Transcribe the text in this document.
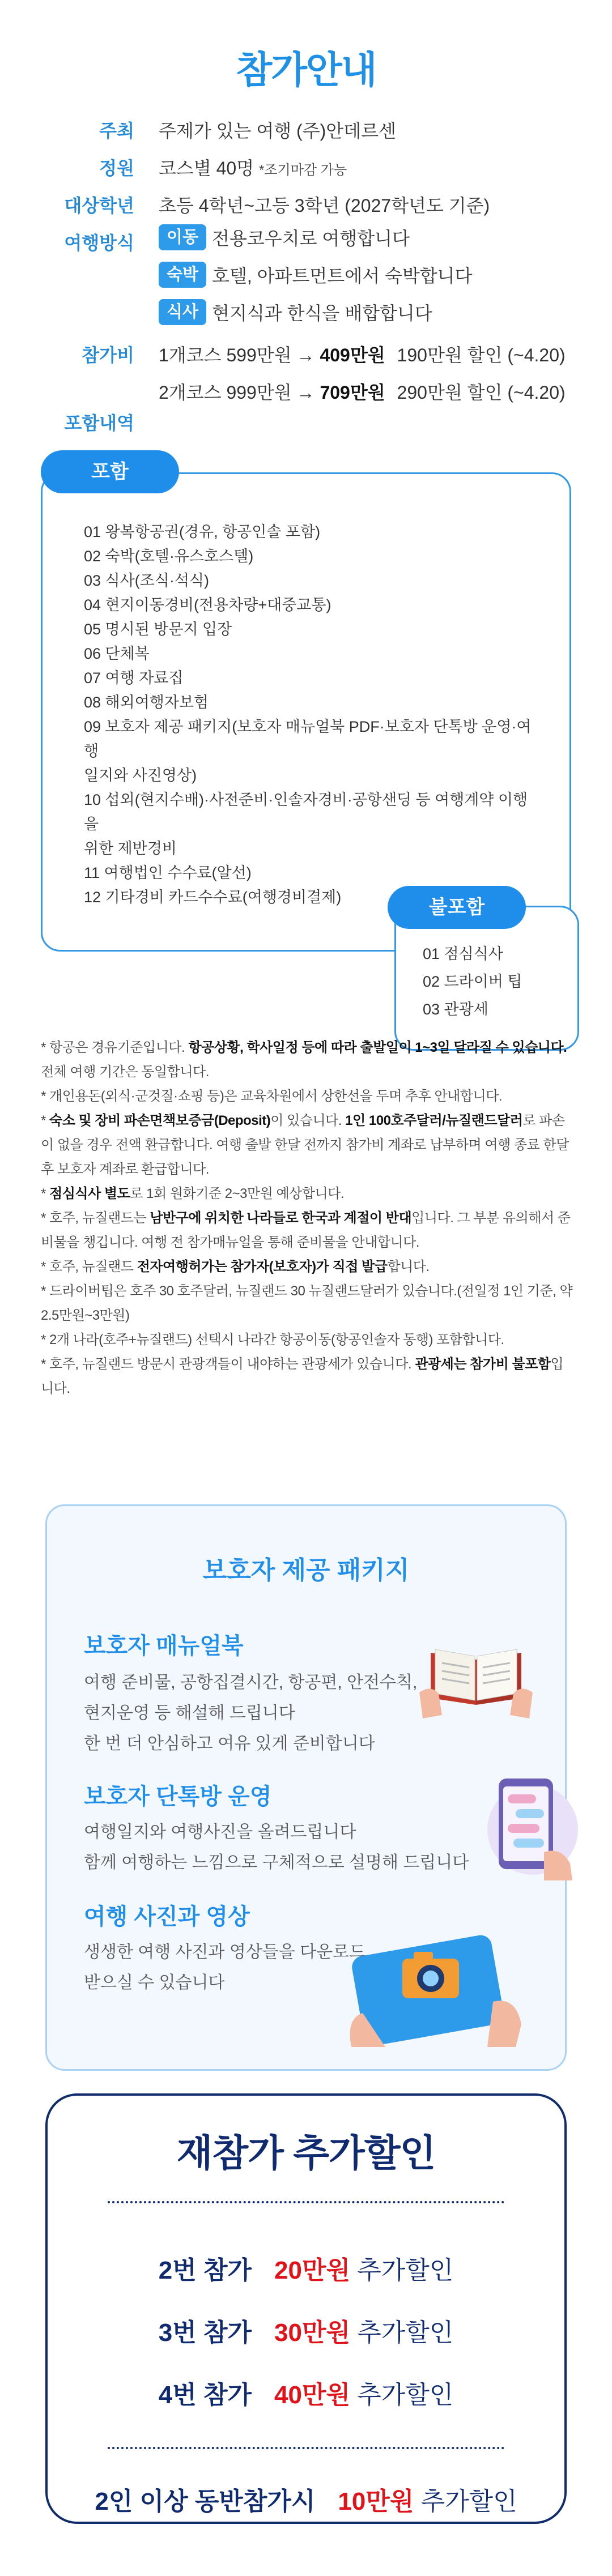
참가안내
주최 주제가 있는 여행 (주)안데르센
정원 코스별 40명 *조기마감 가능
대상학년 초등 4학년~고등 3학년 (2027학년도 기준)
여행방식	이동 전용코우치로 여행합니다
숙박 호텔, 아파트먼트에서 숙박합니다
식사 현지식과 한식을 배합합니다
참가비 1개코스 599만원 → 409만원 190만원 할인 (~4.20)
2개코스 999만원 → 709만원 290만원 할인 (~4.20)
포함내역
포함
01 왕복항공권(경유, 항공인솔 포함)
02 숙박(호텔·유스호스텔)
03 식사(조식·석식)
04 현지이동경비(전용차량+대중교통)
05 명시된 방문지 입장
06 단체복
07 여행 자료집
08 해외여행자보험
09 보호자 제공 패키지(보호자 매뉴얼북 PDF·보호자 단톡방 운영·여행
일지와 사진영상)
10 섭외(현지수배)·사전준비·인솔자경비·공항샌딩 등 여행계약 이행을
위한 제반경비
11 여행법인 수수료(알선)
12 기타경비 카드수수료(여행경비결제)	불포함
01 점심식사
02 드라이버 팁
03 관광세

* 항공은 경유기준입니다. 항공상황, 학사일정 등에 따라 출발일이 1~3일 달라질 수 있습니다. 전체 여행 기간은 동일합니다.

* 개인용돈(외식·군것질·쇼핑 등)은 교육차원에서 상한선을 두며 추후 안내합니다.

* 숙소 및 장비 파손면책보증금(Deposit)이 있습니다. 1인 100호주달러/뉴질랜드달러로 파손이 없을 경우 전액 환급합니다. 여행 출발 한달 전까지 참가비 계좌로 납부하며 여행 종료 한달 후 보호자 계좌로 환급합니다.

* 점심식사 별도로 1회 원화기준 2~3만원 예상합니다.

* 호주, 뉴질랜드는 남반구에 위치한 나라들로 한국과 계절이 반대입니다. 그 부분 유의해서 준비물을 챙깁니다. 여행 전 참가매뉴얼을 통해 준비물을 안내합니다.

* 호주, 뉴질랜드 전자여행허가는 참가자(보호자)가 직접 발급합니다.

* 드라이버팁은 호주 30 호주달러, 뉴질랜드 30 뉴질랜드달러가 있습니다.(전일정 1인 기준, 약 2.5만원~3만원)

* 2개 나라(호주+뉴질랜드) 선택시 나라간 항공이동(항공인솔자 동행) 포함합니다.

* 호주, 뉴질랜드 방문시 관광객들이 내야하는 관광세가 있습니다. 관광세는 참가비 불포함입니다.

보호자 제공 패키지
보호자 매뉴얼북
여행 준비물, 공항집결시간, 항공편, 안전수칙,
현지운영 등 해설해 드립니다
한 번 더 안심하고 여유 있게 준비합니다
보호자 단톡방 운영
여행일지와 여행사진을 올려드립니다
함께 여행하는 느낌으로 구체적으로 설명해 드립니다
여행 사진과 영상
생생한 여행 사진과 영상들을 다운로드
받으실 수 있습니다
재참가 추가할인
2번 참가 20만원 추가할인
3번 참가 30만원 추가할인
4번 참가 40만원 추가할인
2인 이상 동반참가시 10만원 추가할인
